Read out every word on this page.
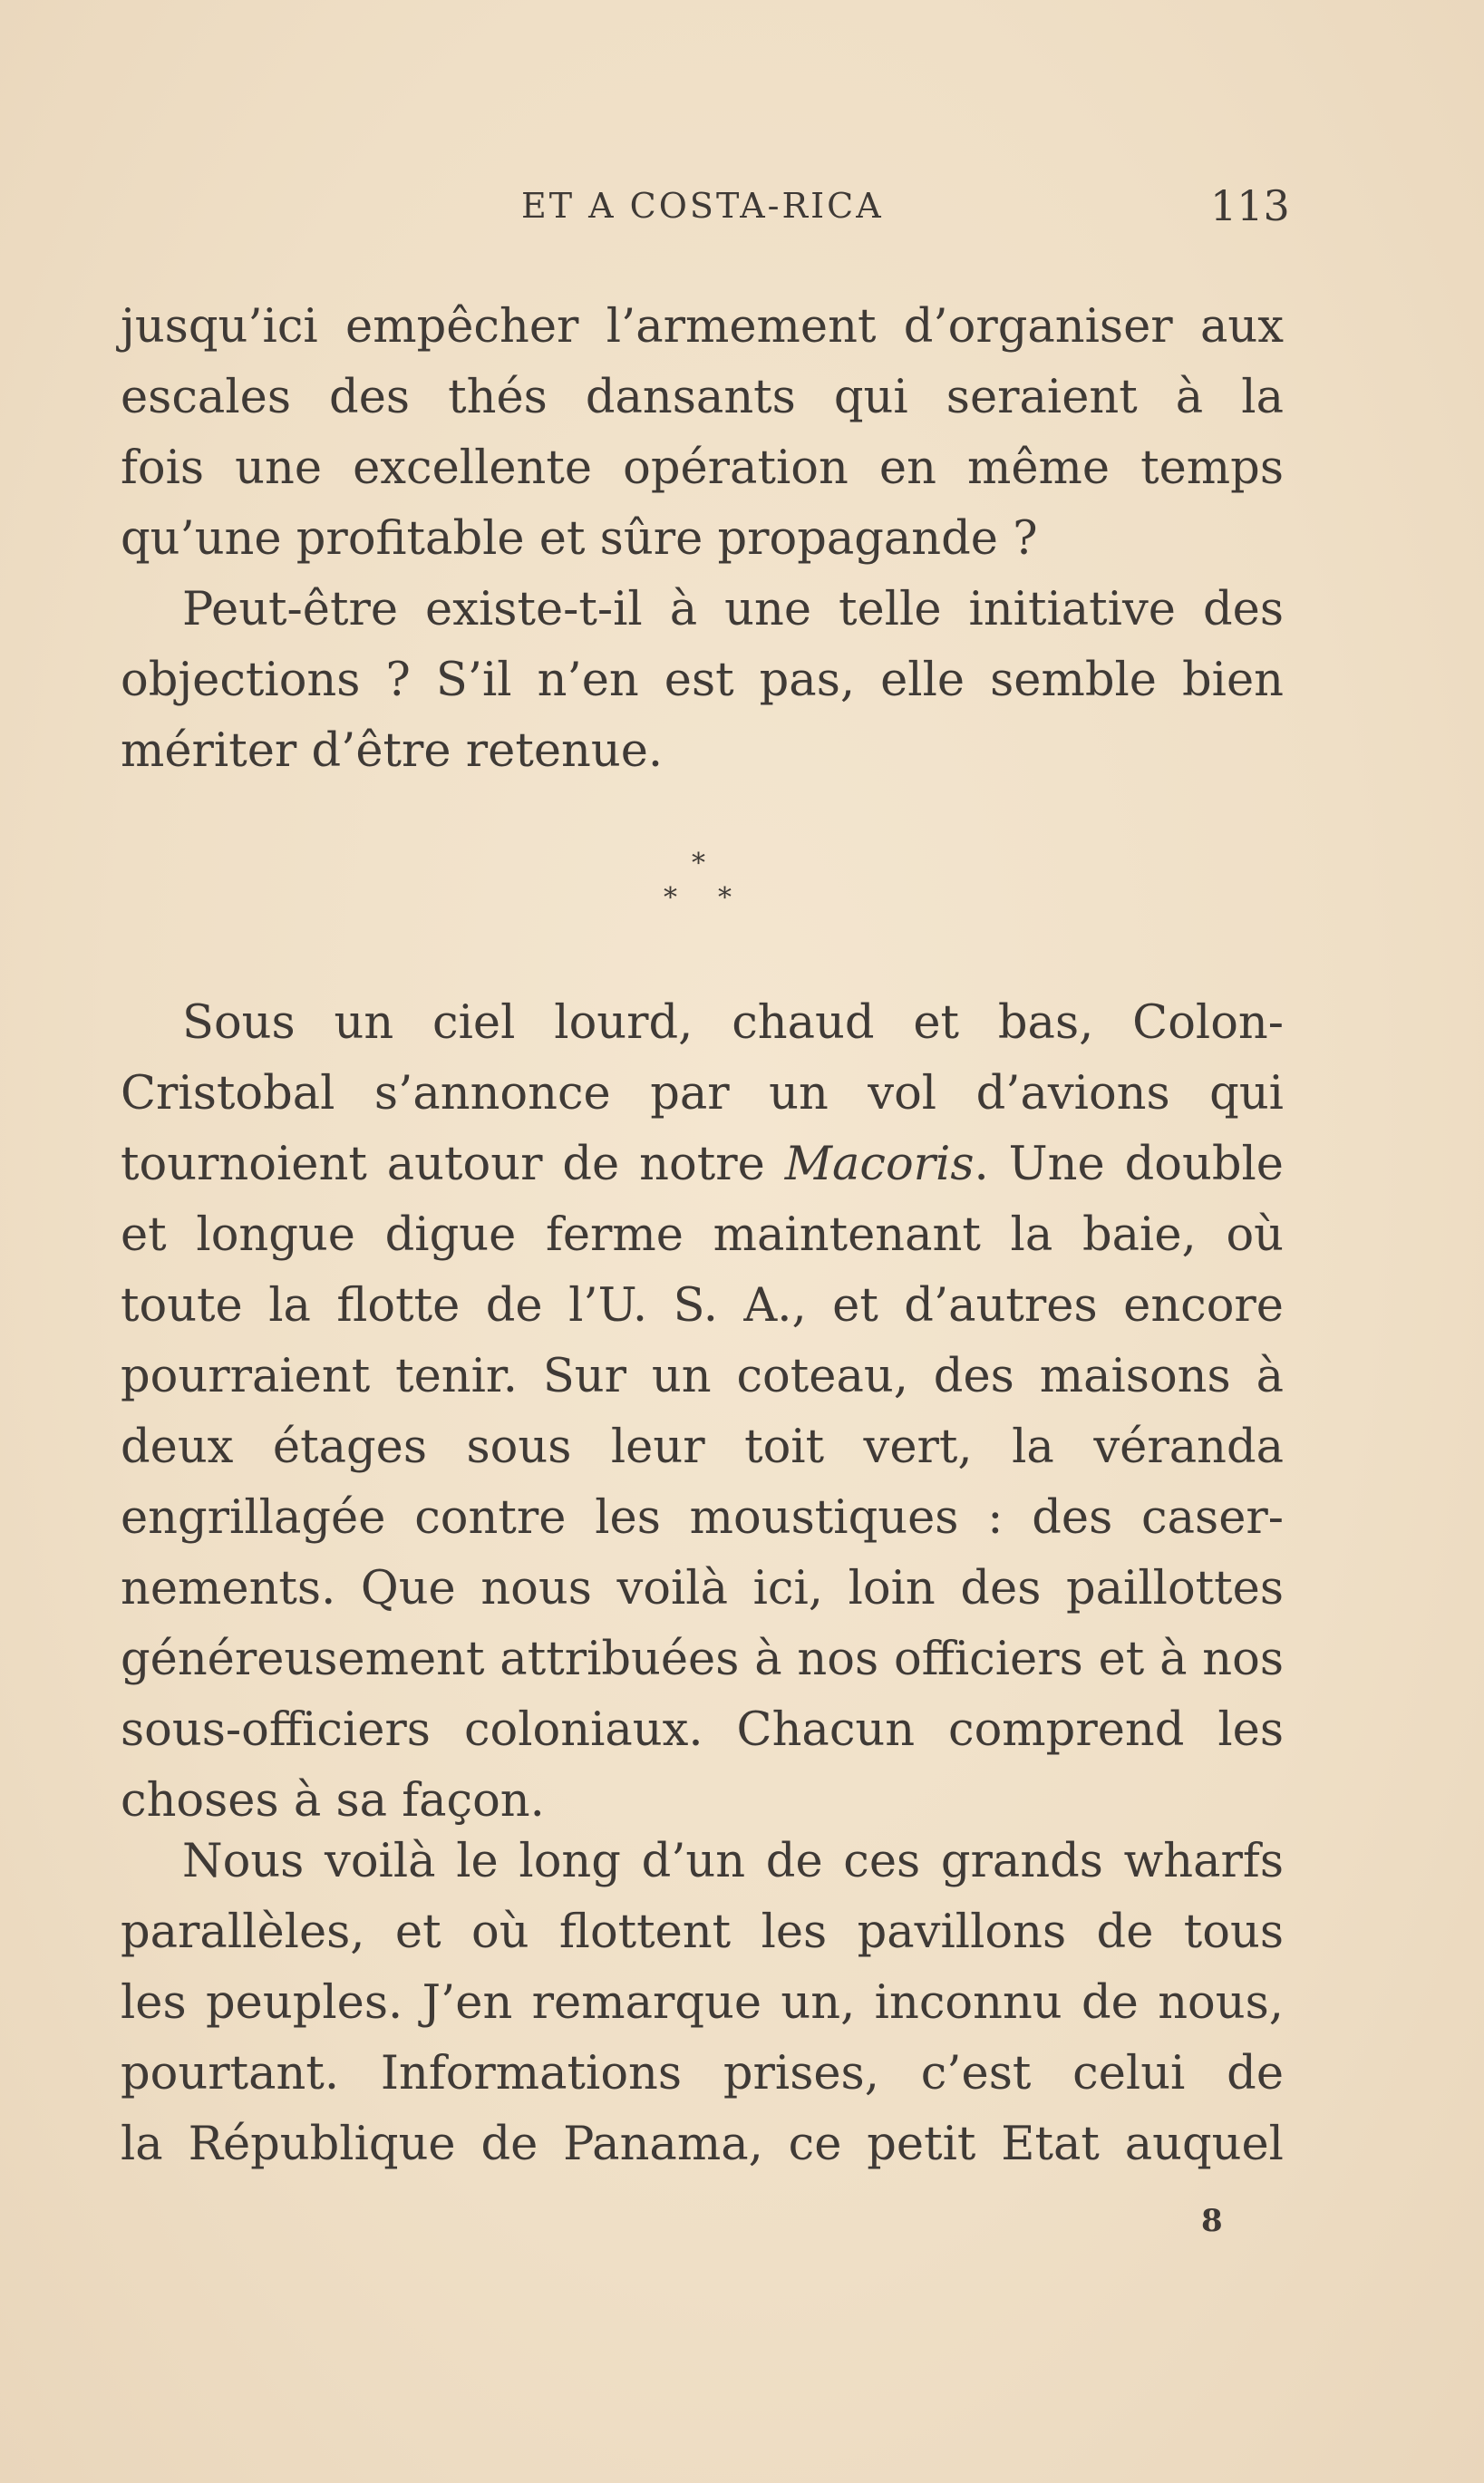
ET A COSTA-RICA	113
jusqu’ici empêcher l’armement d’organiser aux
escales des thés dansants qui seraient à la
fois une excellente opération en même temps
qu’une profitable et sûre propagande ?
Peut-être existe-t-il à une telle initiative des
objections ? S’il n’en est pas, elle semble bien
mériter d’être retenue.
*
* *
Sous un ciel lourd, chaud et bas, Colon-
Cristobal s’annonce par un vol d’avions qui
tournoient autour de notre Macoris. Une double
et longue digue ferme maintenant la baie, où
toute la flotte de l’U. S. A., et d’autres encore
pourraient tenir. Sur un coteau, des maisons à
deux étages sous leur toit vert, la véranda
engrillagée contre les moustiques : des caser-
nements. Que nous voilà ici, loin des paillottes
généreusement attribuées à nos officiers et à nos
sous-officiers coloniaux. Chacun comprend les
choses à sa façon.
Nous voilà le long d’un de ces grands wharfs
parallèles, et où flottent les pavillons de tous
les peuples. J’en remarque un, inconnu de nous,
pourtant. Informations prises, c’est celui de
la République de Panama, ce petit Etat auquel
8
